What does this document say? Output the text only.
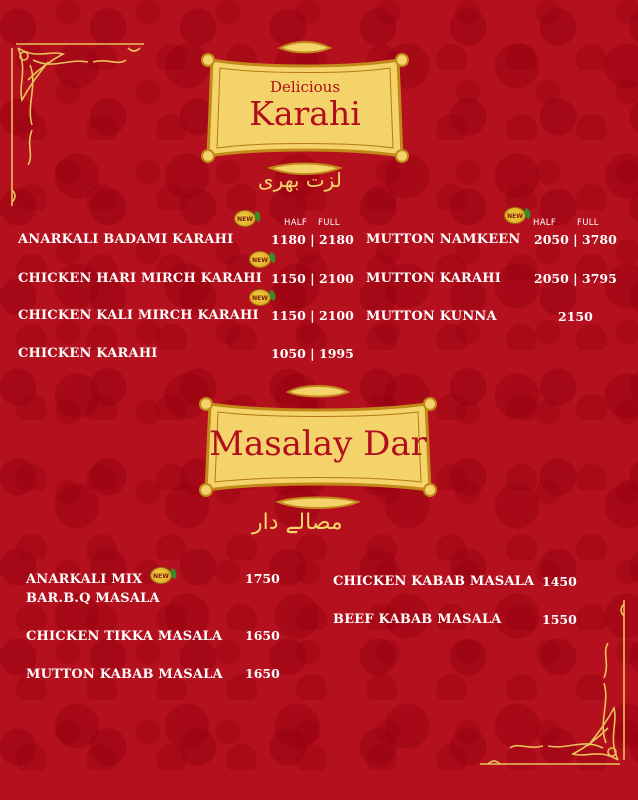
Delicious
Karahi
لزت بھری
HALF FULL	HALF FULL
NEW
ANARKALI BADAMI KARAHI	1180 | 2180
NEW
CHICKEN HARI MIRCH KARAHI 1150 | 2100
NEW
CHICKEN KALI MIRCH KARAHI 1150 | 2100
CHICKEN KARAHI	1050 | 1995
NEW
MUTTON NAMKEEN 2050 | 3780
MUTTON KARAHI	2050 | 3795
MUTTON KUNNA	2150
Masalay Dar
مصالے دار
ANARKALI MIX	NEW
BAR.B.Q MASALA
1750
CHICKEN TIKKA MASALA 1650
MUTTON KABAB MASALA 1650
CHICKEN KABAB MASALA 1450
BEEF KABAB MASALA	1550
